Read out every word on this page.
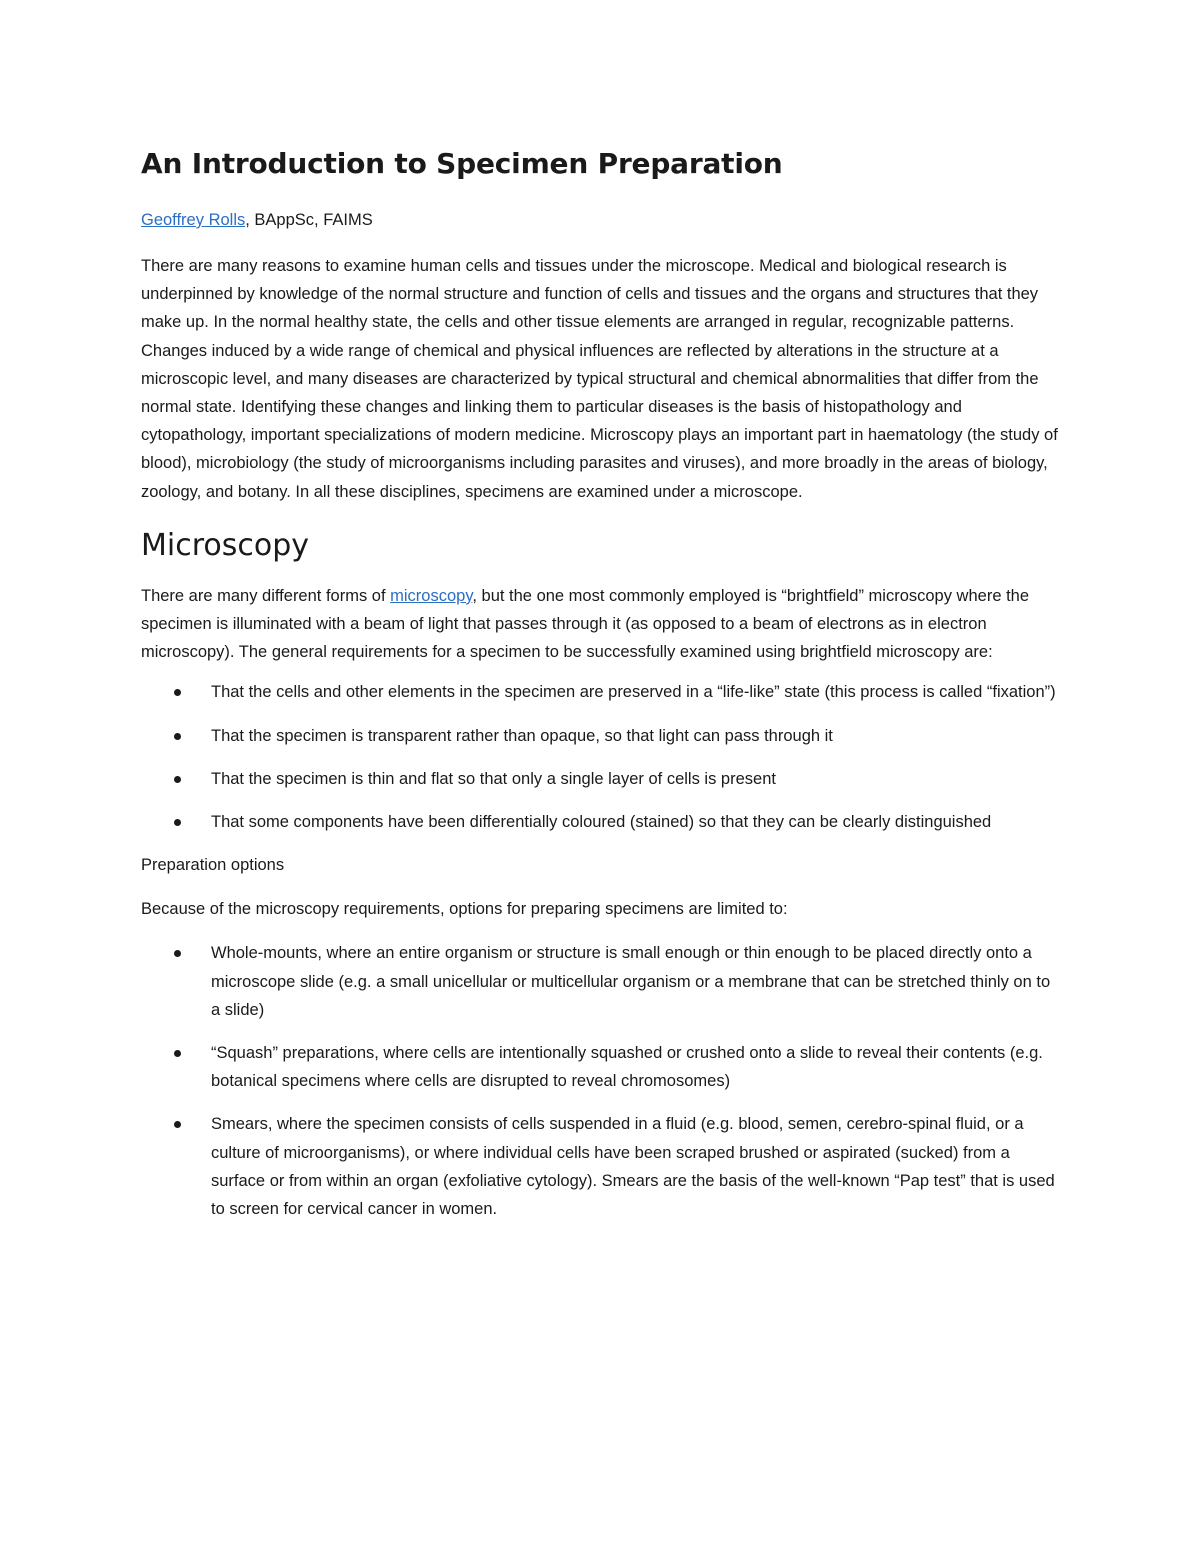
An Introduction to Specimen Preparation
Geoffrey Rolls, BAppSc, FAIMS

There are many reasons to examine human cells and tissues under the microscope. Medical and biological research is underpinned by knowledge of the normal structure and function of cells and tissues and the organs and structures that they make up. In the normal healthy state, the cells and other tissue elements are arranged in regular, recognizable patterns. Changes induced by a wide range of chemical and physical influences are reflected by alterations in the structure at a microscopic level, and many diseases are characterized by typical structural and chemical abnormalities that differ from the normal state. Identifying these changes and linking them to particular diseases is the basis of histopathology and cytopathology, important specializations of modern medicine. Microscopy plays an important part in haematology (the study of blood), microbiology (the study of microorganisms including parasites and viruses), and more broadly in the areas of biology, zoology, and botany. In all these disciplines, specimens are examined under a microscope.

Microscopy

There are many different forms of microscopy, but the one most commonly employed is “brightfield” microscopy where the specimen is illuminated with a beam of light that passes through it (as opposed to a beam of electrons as in electron microscopy). The general requirements for a specimen to be successfully examined using brightfield microscopy are:

That the cells and other elements in the specimen are preserved in a “life-like” state (this process is called “fixation”)
That the specimen is transparent rather than opaque, so that light can pass through it
That the specimen is thin and flat so that only a single layer of cells is present
That some components have been differentially coloured (stained) so that they can be clearly distinguished
Preparation options

Because of the microscopy requirements, options for preparing specimens are limited to:

Whole-mounts, where an entire organism or structure is small enough or thin enough to be placed directly onto a microscope slide (e.g. a small unicellular or multicellular organism or a membrane that can be stretched thinly on to a slide)
“Squash” preparations, where cells are intentionally squashed or crushed onto a slide to reveal their contents (e.g. botanical specimens where cells are disrupted to reveal chromosomes)
Smears, where the specimen consists of cells suspended in a fluid (e.g. blood, semen, cerebro-spinal fluid, or a culture of microorganisms), or where individual cells have been scraped brushed or aspirated (sucked) from a surface or from within an organ (exfoliative cytology). Smears are the basis of the well-known “Pap test” that is used to screen for cervical cancer in women.
